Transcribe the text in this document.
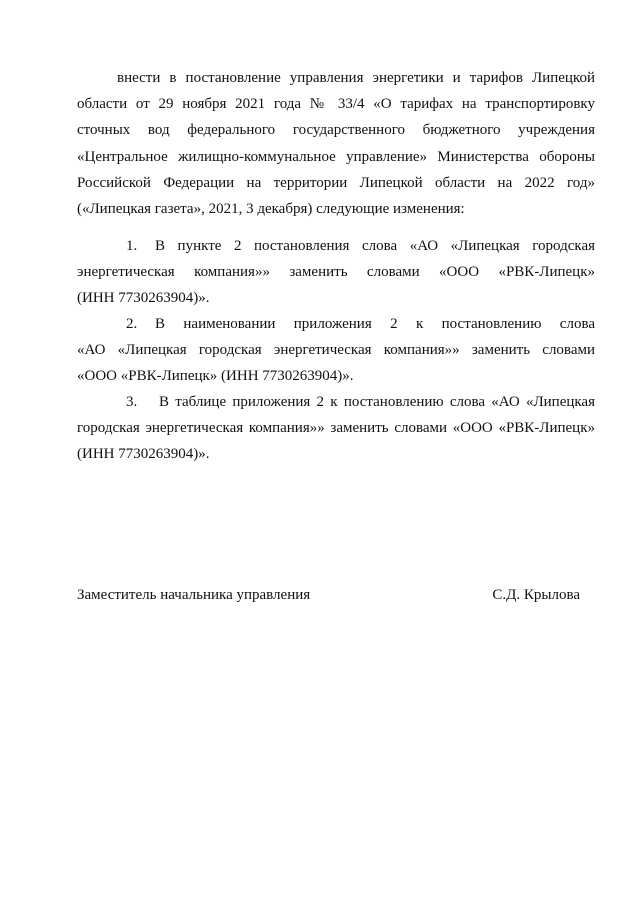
внести в постановление управления энергетики и тарифов Липецкой
области от 29 ноября 2021 года № 33/4 «О тарифах на транспортировку
сточных вод федерального государственного бюджетного учреждения
«Центральное жилищно-коммунальное управление» Министерства обороны
Российской Федерации на территории Липецкой области на 2022 год»
(«Липецкая газета», 2021, 3 декабря) следующие изменения:
1. В пункте 2 постановления слова «АО «Липецкая городская
энергетическая компания»» заменить словами «ООО «РВК-Липецк»
(ИНН 7730263904)».
2. В наименовании приложения 2 к постановлению слова
«АО «Липецкая городская энергетическая компания»» заменить словами
«ООО «РВК-Липецк» (ИНН 7730263904)».
3. В таблице приложения 2 к постановлению слова «АО «Липецкая
городская энергетическая компания»» заменить словами «ООО «РВК-Липецк»
(ИНН 7730263904)».
Заместитель начальника управления	С.Д. Крылова
